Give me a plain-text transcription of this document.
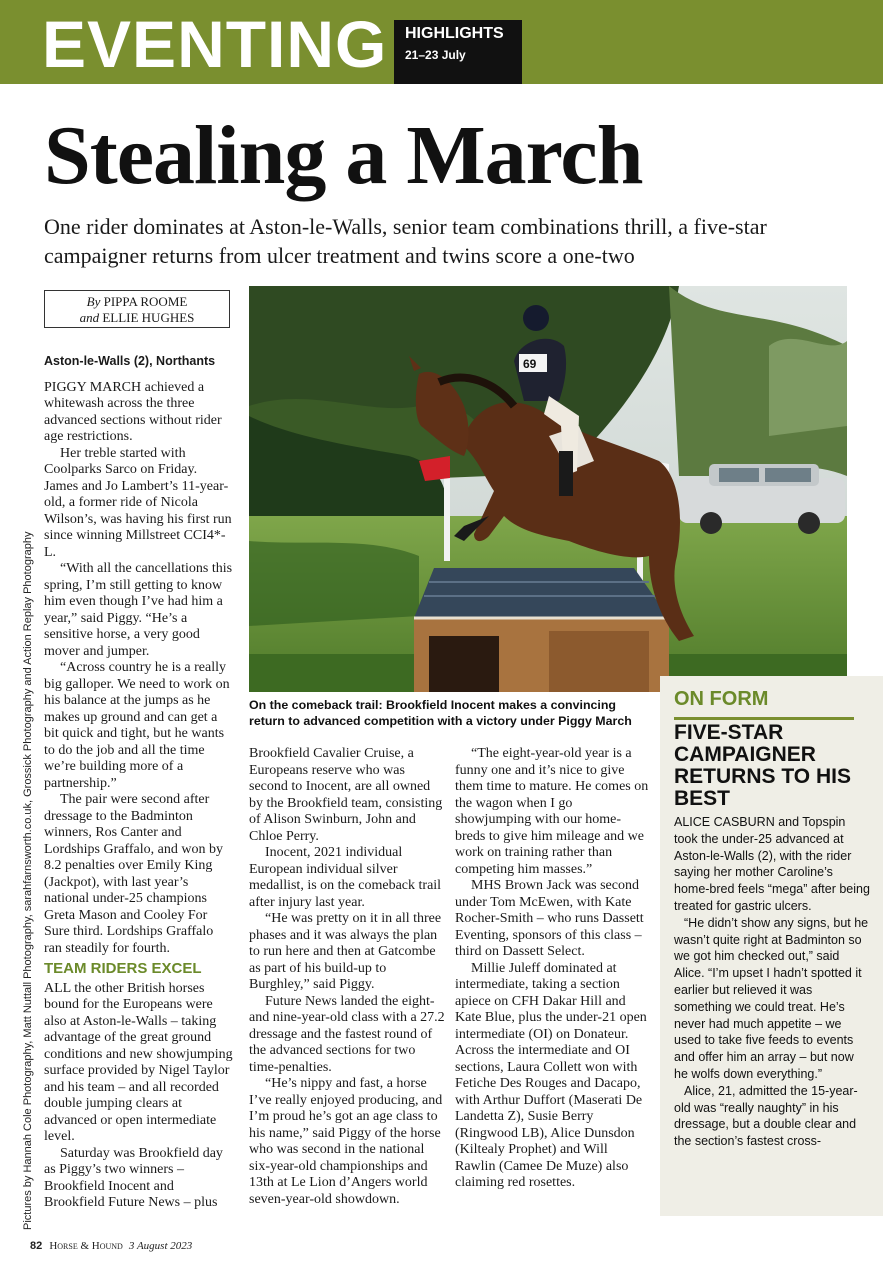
EVENTING HIGHLIGHTS
21–23 July
Stealing a March
One rider dominates at Aston-le-Walls, senior team combinations thrill, a five-star campaigner returns from ulcer treatment and twins score a one-two
By PIPPA ROOME
and ELLIE HUGHES
69
On the comeback trail: Brookfield Inocent makes a convincing return to advanced competition with a victory under Piggy March
Pictures by Hannah Cole Photography, Matt Nuttall Photography, sarahfarnsworth.co.uk, Grossick Photography and Action Replay Photography

Aston-le-Walls (2), Northants

PIGGY MARCH achieved a whitewash across the three advanced sections without rider age restrictions.

Her treble started with Coolparks Sarco on Friday. James and Jo Lambert’s 11-year-old, a former ride of Nicola Wilson’s, was having his first run since winning Millstreet CCI4*-L.

“With all the cancellations this spring, I’m still getting to know him even though I’ve had him a year,” said Piggy. “He’s a sensitive horse, a very good mover and jumper.

“Across country he is a really big galloper. We need to work on his balance at the jumps as he makes up ground and can get a bit quick and tight, but he wants to do the job and all the time we’re building more of a partnership.”

The pair were second after dressage to the Badminton winners, Ros Canter and Lordships Graffalo, and won by 8.2 penalties over Emily King (Jackpot), with last year’s national under-25 champions Greta Mason and Cooley For Sure third. Lordships Graffalo ran steadily for fourth.

TEAM RIDERS EXCEL

ALL the other British horses bound for the Europeans were also at Aston-le-Walls – taking advantage of the great ground conditions and new showjumping surface provided by Nigel Taylor and his team – and all recorded double jumping clears at advanced or open intermediate level.

Saturday was Brookfield day as Piggy’s two winners – Brookfield Inocent and Brookfield Future News – plus

Brookfield Cavalier Cruise, a Europeans reserve who was second to Inocent, are all owned by the Brookfield team, consisting of Alison Swinburn, John and Chloe Perry.

Inocent, 2021 individual European individual silver medallist, is on the comeback trail after injury last year.

“He was pretty on it in all three phases and it was always the plan to run here and then at Gatcombe as part of his build-up to Burghley,” said Piggy.

Future News landed the eight- and nine-year-old class with a 27.2 dressage and the fastest round of the advanced sections for two time-penalties.

“He’s nippy and fast, a horse I’ve really enjoyed producing, and I’m proud he’s got an age class to his name,” said Piggy of the horse who was second in the national six-year-old championships and 13th at Le Lion d’Angers world seven-year-old showdown.

“The eight-year-old year is a funny one and it’s nice to give them time to mature. He comes on the wagon when I go showjumping with our home-breds to give him mileage and we work on training rather than competing him masses.”

MHS Brown Jack was second under Tom McEwen, with Kate Rocher-Smith – who runs Dassett Eventing, sponsors of this class – third on Dassett Select.

Millie Juleff dominated at intermediate, taking a section apiece on CFH Dakar Hill and Kate Blue, plus the under-21 open intermediate (OI) on Donateur. Across the intermediate and OI sections, Laura Collett won with Fetiche Des Rouges and Dacapo, with Arthur Duffort (Maserati De Landetta Z), Susie Berry (Ringwood LB), Alice Dunsdon (Kiltealy Prophet) and Will Rawlin (Camee De Muze) also claiming red rosettes.

ON FORM
FIVE-STAR CAMPAIGNER RETURNS TO HIS BEST

ALICE CASBURN and Topspin took the under-25 advanced at Aston-le-Walls (2), with the rider saying her mother Caroline’s home-bred feels “mega” after being treated for gastric ulcers.

“He didn’t show any signs, but he wasn’t quite right at Badminton so we got him checked out,” said Alice. “I’m upset I hadn’t spotted it earlier but relieved it was something we could treat. He’s never had much appetite – we used to take five feeds to events and offer him an array – but now he wolfs down everything.”

Alice, 21, admitted the 15-year-old was “really naughty” in his dressage, but a double clear and the section’s fastest cross-

82 Horse & Hound 3 August 2023
